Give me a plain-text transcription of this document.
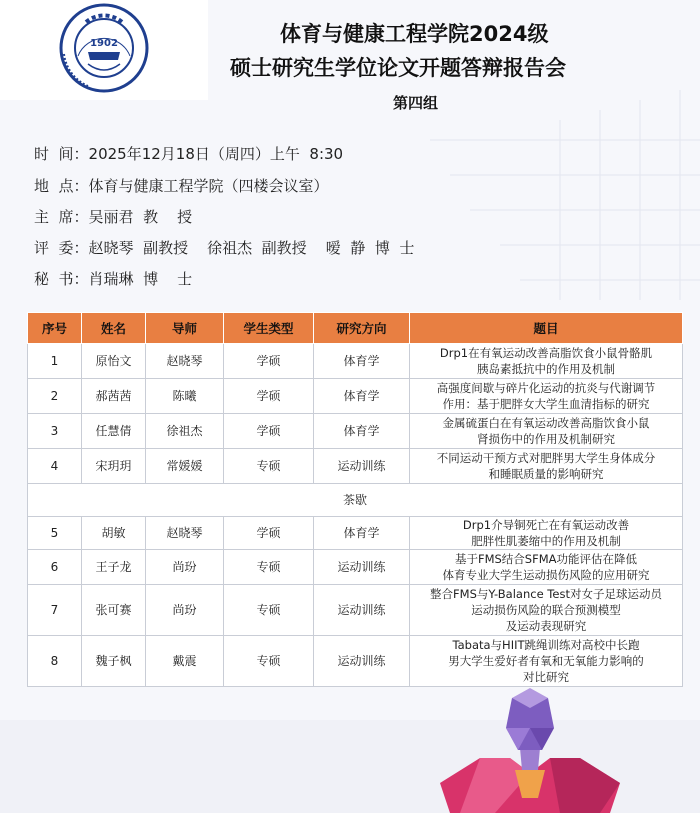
1902	体育与健康工程学院2024级
硕士研究生学位论文开题答辩报告会
第四组
时  间：2025年12月18日（周四）上午  8:30
地  点：体育与健康工程学院（四楼会议室）
主  席：吴丽君  教    授
评  委：赵晓琴  副教授    徐祖杰  副教授    嗳  静  博  士
秘  书：肖瑞琳  博    士
序号	姓名	导师	学生类型	研究方向	题目
1	原怡文	赵晓琴	学硕	体育学	Drp1在有氧运动改善高脂饮食小鼠骨骼肌
胰岛素抵抗中的作用及机制

2	郝茜茜	陈曦	学硕	体育学	高强度间歇与碎片化运动的抗炎与代谢调节
作用：基于肥胖女大学生血清指标的研究

3	任慧倩	徐祖杰	学硕	体育学	金属硫蛋白在有氧运动改善高脂饮食小鼠
肾损伤中的作用及机制研究

4	宋玥玥	常媛媛	专硕	运动训练	不同运动干预方式对肥胖男大学生身体成分
和睡眠质量的影响研究

茶歇					
5	胡敏	赵晓琴	学硕	体育学	Drp1介导铜死亡在有氧运动改善
肥胖性肌萎缩中的作用及机制

6	王子龙	尚玢	专硕	运动训练	基于FMS结合SFMA功能评估在降低
体育专业大学生运动损伤风险的应用研究

7	张可赛	尚玢	专硕	运动训练	整合FMS与Y-Balance Test对女子足球运动员
运动损伤风险的联合预测模型
及运动表现研究

8	魏子枫	戴震	专硕	运动训练	Tabata与HIIT跳绳训练对高校中长跑
男大学生爱好者有氧和无氧能力影响的
对比研究
